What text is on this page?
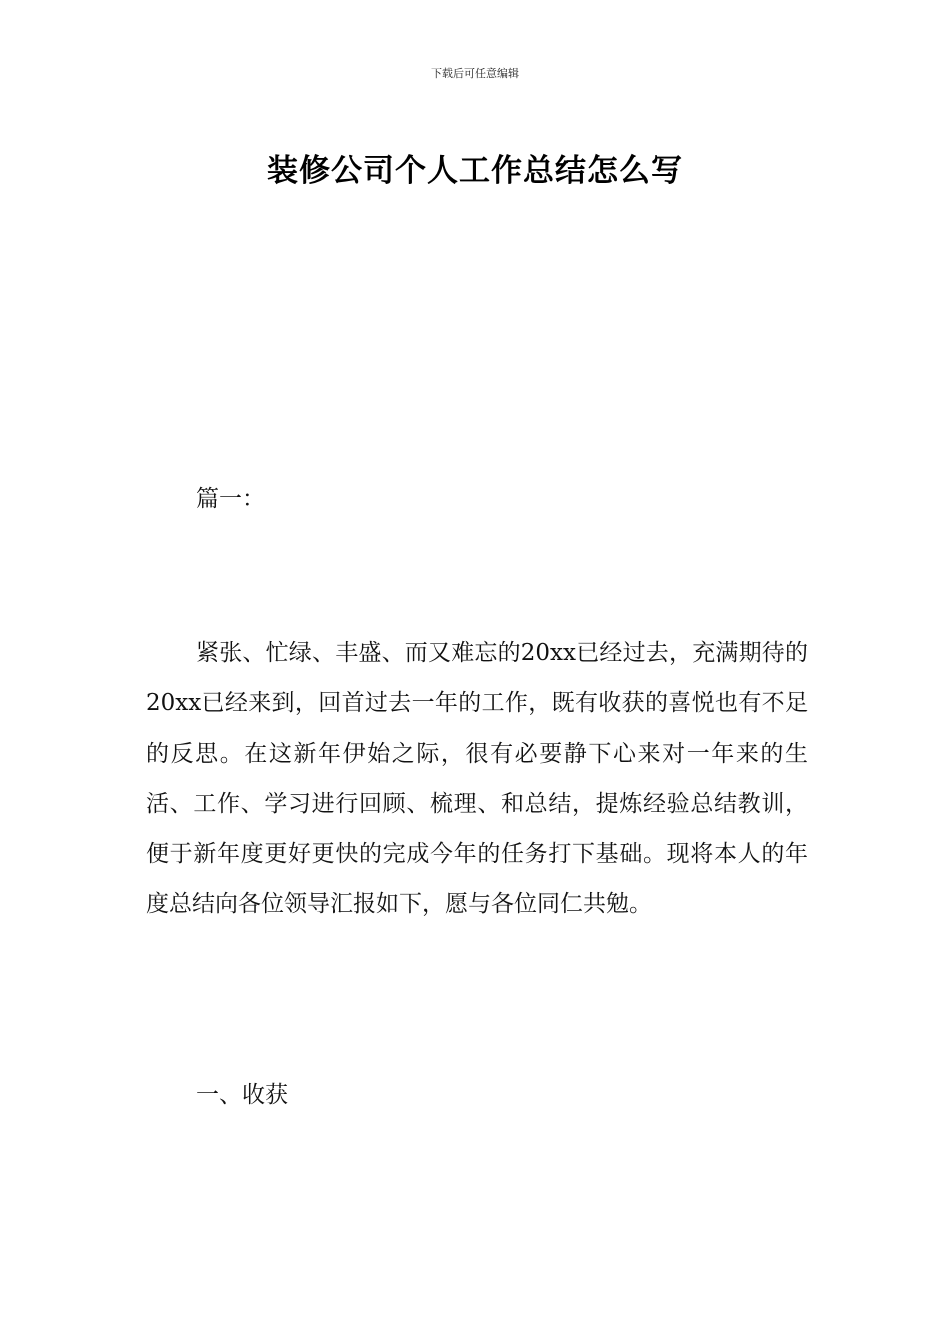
下载后可任意编辑
装修公司个人工作总结怎么写
篇一：

紧张、忙绿、丰盛、而又难忘的20xx已经过去，充满期待的20xx已经来到，回首过去一年的工作，既有收获的喜悦也有不足的反思。在这新年伊始之际，很有必要静下心来对一年来的生活、工作、学习进行回顾、梳理、和总结，提炼经验总结教训，便于新年度更好更快的完成今年的任务打下基础。现将本人的年度总结向各位领导汇报如下，愿与各位同仁共勉。

一、收获
